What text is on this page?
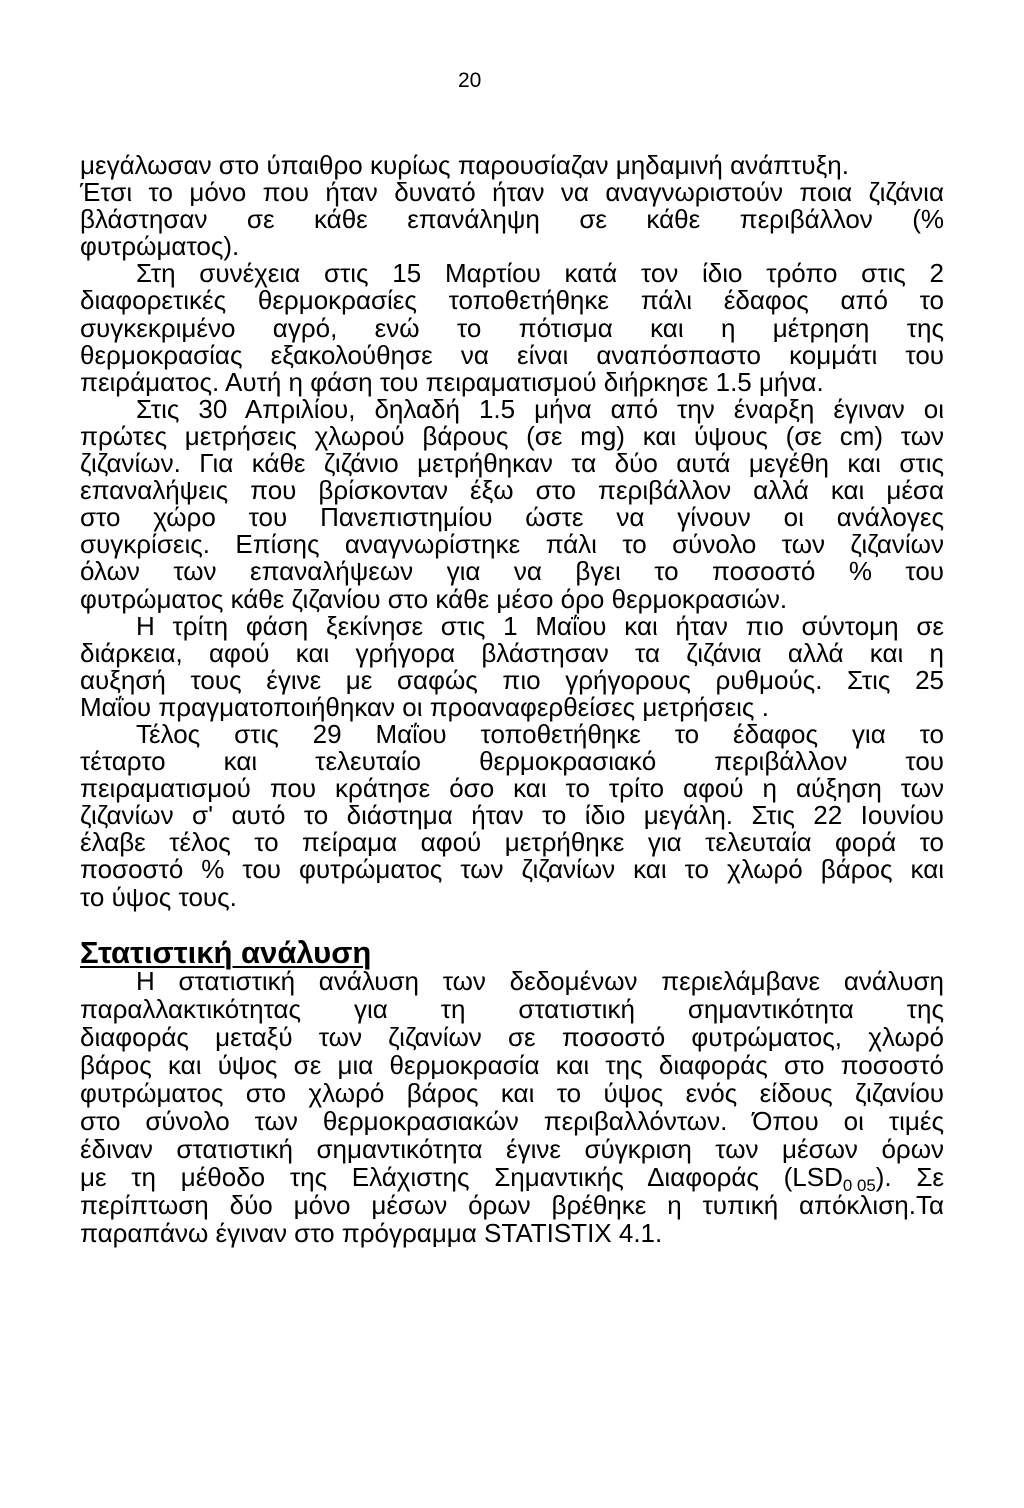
20
μεγάλωσαν στο ύπαιθρο κυρίως παρουσίαζαν μηδαμινή ανάπτυξη.
Έτσι το μόνο που ήταν δυνατό ήταν να αναγνωριστούν ποια ζιζάνια
βλάστησαν σε κάθε επανάληψη σε κάθε περιβάλλον (%
φυτρώματος).
Στη συνέχεια στις 15 Μαρτίου κατά τον ίδιο τρόπο στις 2
διαφορετικές θερμοκρασίες τοποθετήθηκε πάλι έδαφος από το
συγκεκριμένο αγρό, ενώ το πότισμα και η μέτρηση της
θερμοκρασίας εξακολούθησε να είναι αναπόσπαστο κομμάτι του
πειράματος. Αυτή η φάση του πειραματισμού διήρκησε 1.5 μήνα.
Στις 30 Απριλίου, δηλαδή 1.5 μήνα από την έναρξη έγιναν οι
πρώτες μετρήσεις χλωρού βάρους (σε mg) και ύψους (σε cm) των
ζιζανίων. Για κάθε ζιζάνιο μετρήθηκαν τα δύο αυτά μεγέθη και στις
επαναλήψεις που βρίσκονταν έξω στο περιβάλλον αλλά και μέσα
στο χώρο του Πανεπιστημίου ώστε να γίνουν οι ανάλογες
συγκρίσεις. Επίσης αναγνωρίστηκε πάλι το σύνολο των ζιζανίων
όλων των επαναλήψεων για να βγει το ποσοστό % του
φυτρώματος κάθε ζιζανίου στο κάθε μέσο όρο θερμοκρασιών.
Η τρίτη φάση ξεκίνησε στις 1 Μαΐου και ήταν πιο σύντομη σε
διάρκεια, αφού και γρήγορα βλάστησαν τα ζιζάνια αλλά και η
αυξησή τους έγινε με σαφώς πιο γρήγορους ρυθμούς. Στις 25
Μαΐου πραγματοποιήθηκαν οι προαναφερθείσες μετρήσεις .
Τέλος στις 29 Μαΐου τοποθετήθηκε το έδαφος για το
τέταρτο και τελευταίο θερμοκρασιακό περιβάλλον του
πειραματισμού που κράτησε όσο και το τρίτο αφού η αύξηση των
ζιζανίων σ' αυτό το διάστημα ήταν το ίδιο μεγάλη. Στις 22 Ιουνίου
έλαβε τέλος το πείραμα αφού μετρήθηκε για τελευταία φορά το
ποσοστό % του φυτρώματος των ζιζανίων και το χλωρό βάρος και
το ύψος τους.
Στατιστική ανάλυση
Η στατιστική ανάλυση των δεδομένων περιελάμβανε ανάλυση
παραλλακτικότητας για τη στατιστική σημαντικότητα της
διαφοράς μεταξύ των ζιζανίων σε ποσοστό φυτρώματος, χλωρό
βάρος και ύψος σε μια θερμοκρασία και της διαφοράς στο ποσοστό
φυτρώματος στο χλωρό βάρος και το ύψος ενός είδους ζιζανίου
στο σύνολο των θερμοκρασιακών περιβαλλόντων. Όπου οι τιμές
έδιναν στατιστική σημαντικότητα έγινε σύγκριση των μέσων όρων
με τη μέθοδο της Ελάχιστης Σημαντικής Διαφοράς (LSD0 05). Σε
περίπτωση δύο μόνο μέσων όρων βρέθηκε η τυπική απόκλιση.Τα
παραπάνω έγιναν στο πρόγραμμα STATISTIX 4.1.
